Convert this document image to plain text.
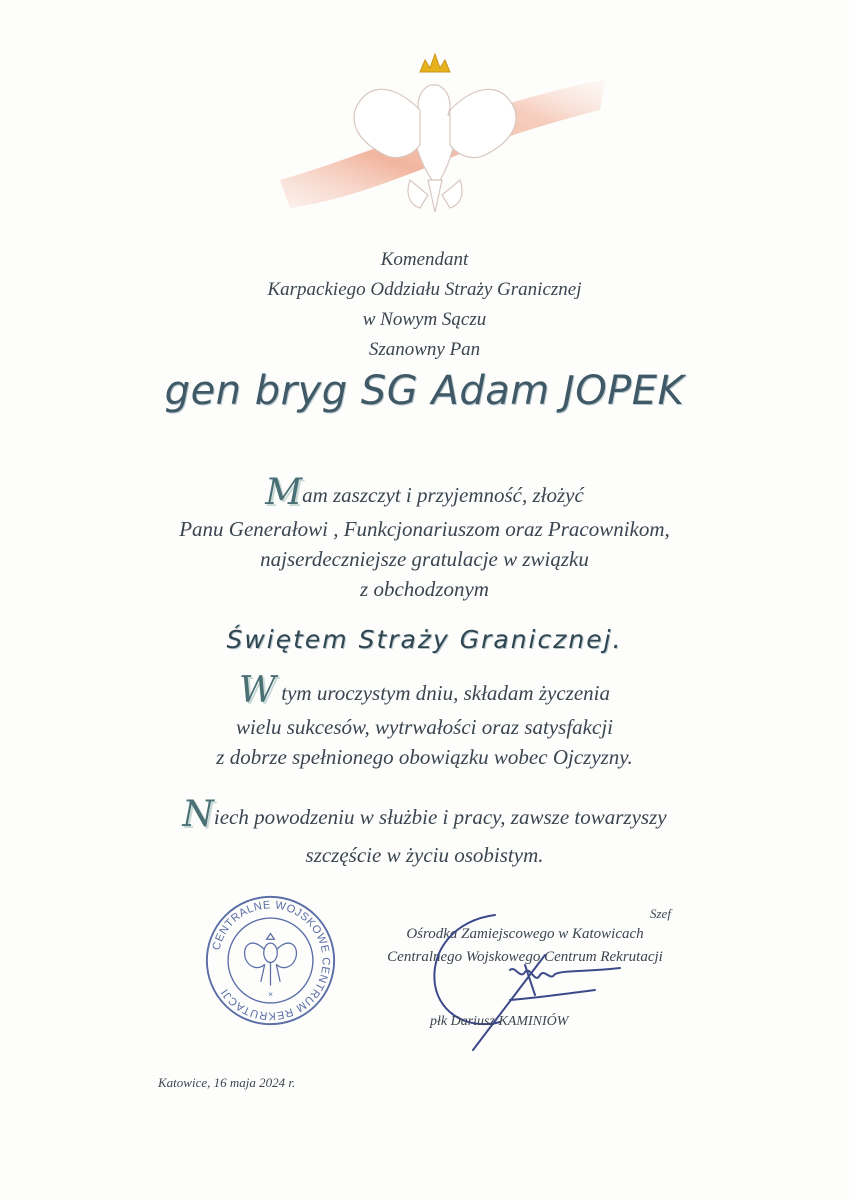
Komendant
Karpackiego Oddziału Straży Granicznej
w Nowym Sączu
Szanowny Pan
gen bryg SG Adam JOPEK
Mam zaszczyt i przyjemność, złożyć
Panu Generałowi , Funkcjonariuszom oraz Pracownikom,
najserdeczniejsze gratulacje w związku
z obchodzonym
Świętem Straży Granicznej.
W tym uroczystym dniu, składam życzenia
wielu sukcesów, wytrwałości oraz satysfakcji
z dobrze spełnionego obowiązku wobec Ojczyzny.
Niech powodzeniu w służbie i pracy, zawsze towarzyszy
szczęście w życiu osobistym.
CENTRALNE WOJSKOWE CENTRUM REKRUTACJI	×
Szef
Ośrodka Zamiejscowego w Katowicach
Centralnego Wojskowego Centrum Rekrutacji
płk Dariusz KAMINIÓW
Katowice, 16 maja 2024 r.
